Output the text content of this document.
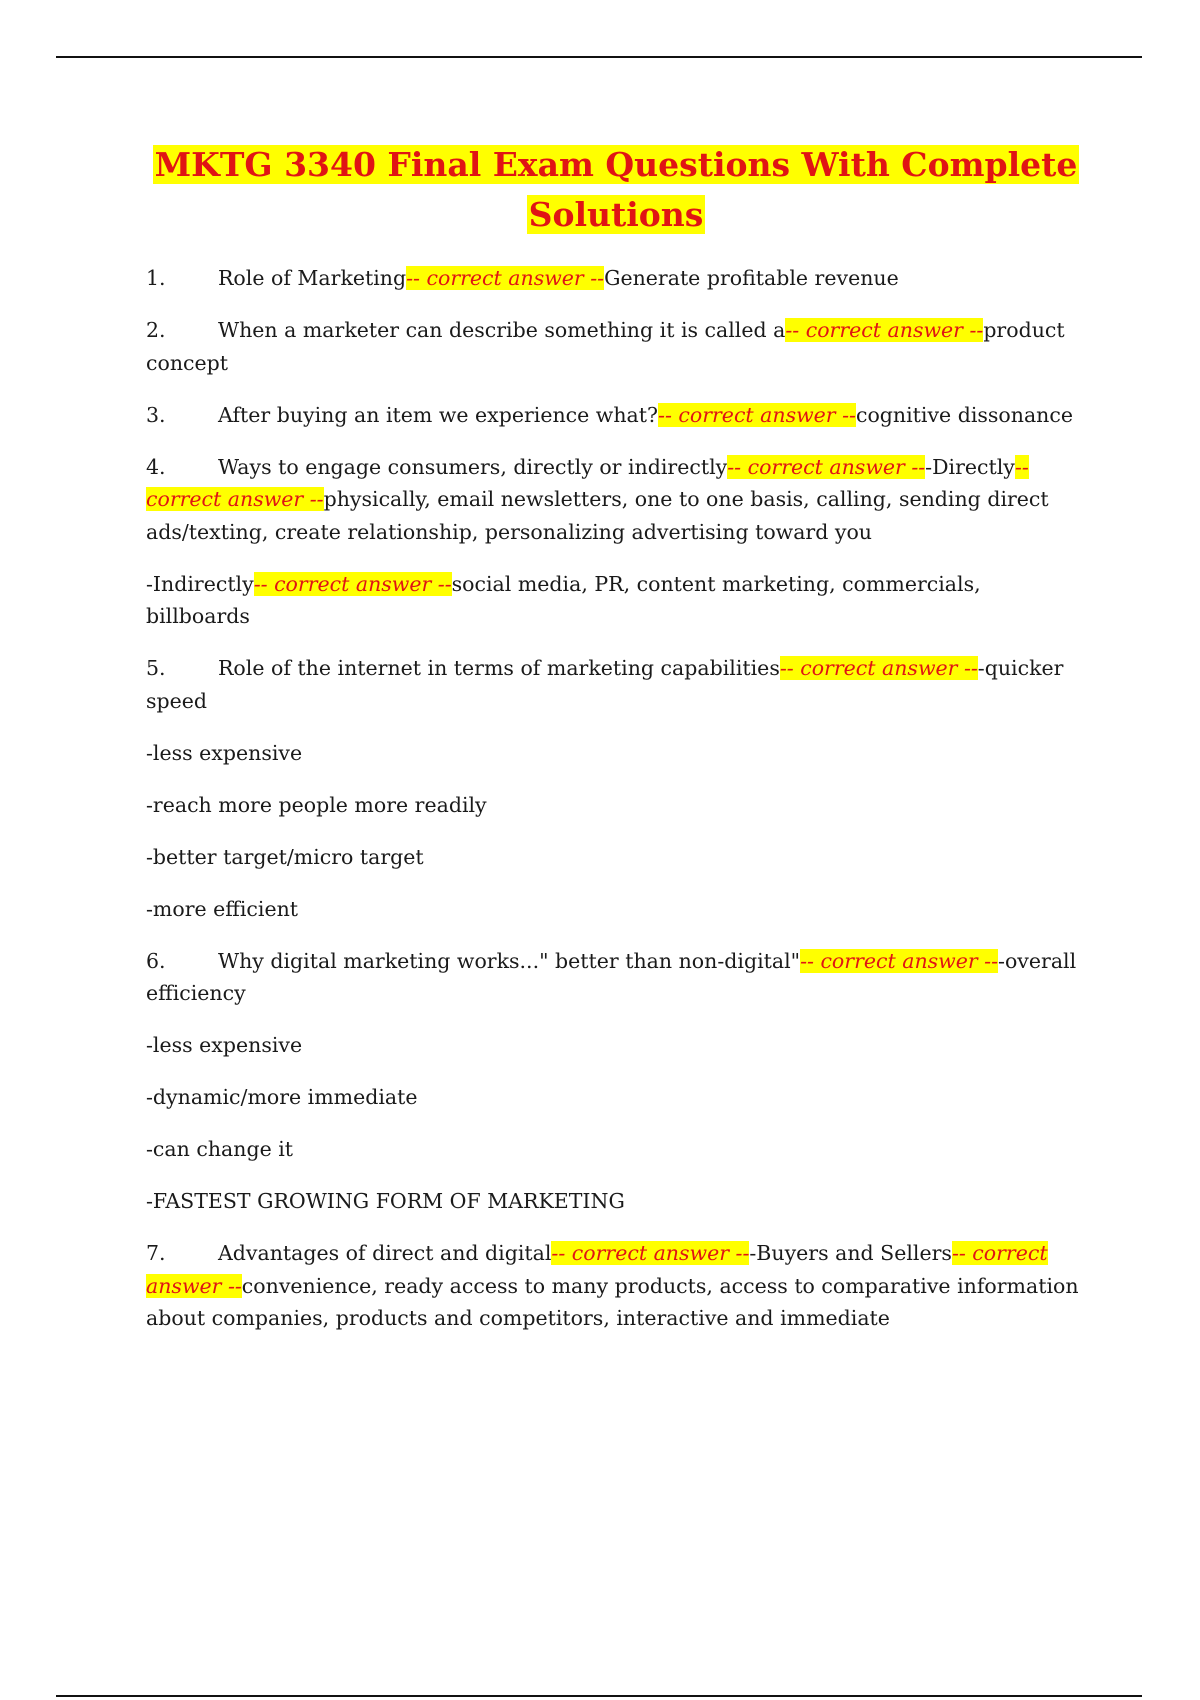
MKTG 3340 Final Exam Questions With Complete
Solutions

1.	Role of Marketing-- correct answer --Generate profitable revenue

2.	When a marketer can describe something it is called a-- correct answer --product concept

3.	After buying an item we experience what?-- correct answer --cognitive dissonance

4.	Ways to engage consumers, directly or indirectly-- correct answer ---Directly-- correct answer --physically, email newsletters, one to one basis, calling, sending direct ads/texting, create relationship, personalizing advertising toward you

-Indirectly-- correct answer --social media, PR, content marketing, commercials, billboards

5.	Role of the internet in terms of marketing capabilities-- correct answer ---quicker speed

-less expensive

-reach more people more readily

-better target/micro target

-more efficient

6.	Why digital marketing works..." better than non-digital"-- correct answer ---overall efficiency

-less expensive

-dynamic/more immediate

-can change it

-FASTEST GROWING FORM OF MARKETING

7.	Advantages of direct and digital-- correct answer ---Buyers and Sellers-- correct answer --convenience, ready access to many products, access to comparative information about companies, products and competitors, interactive and immediate
